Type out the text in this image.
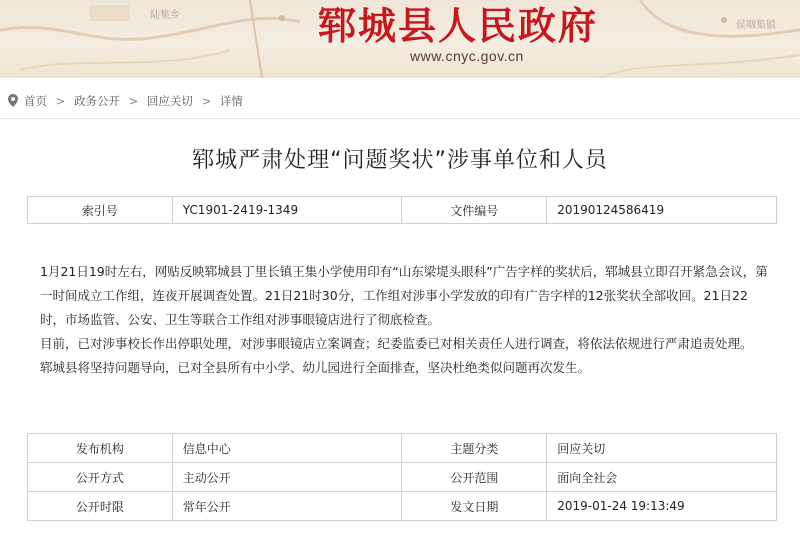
陆集乡
侯咽集镇
郓城县人民政府
www.cnyc.gov.cn
首页 > 政务公开 > 回应关切 > 详情
郓城严肃处理“问题奖状”涉事单位和人员
索引号	YC1901-2419-1349	文件编号	20190124586419

1月21日19时左右，网贴反映郓城县丁里长镇王集小学使用印有“山东梁堤头眼科”广告字样的奖状后，郓城县立即召开紧急会议，第一时间成立工作组，连夜开展调查处置。21日21时30分，工作组对涉事小学发放的印有广告字样的12张奖状全部收回。21日22时，市场监管、公安、卫生等联合工作组对涉事眼镜店进行了彻底检查。

目前，已对涉事校长作出停职处理，对涉事眼镜店立案调查；纪委监委已对相关责任人进行调查，将依法依规进行严肃追责处理。

郓城县将坚持问题导向，已对全县所有中小学、幼儿园进行全面排查，坚决杜绝类似问题再次发生。

发布机构	信息中心	主题分类	回应关切
公开方式	主动公开	公开范围	面向全社会
公开时限	常年公开	发文日期	2019-01-24 19:13:49
